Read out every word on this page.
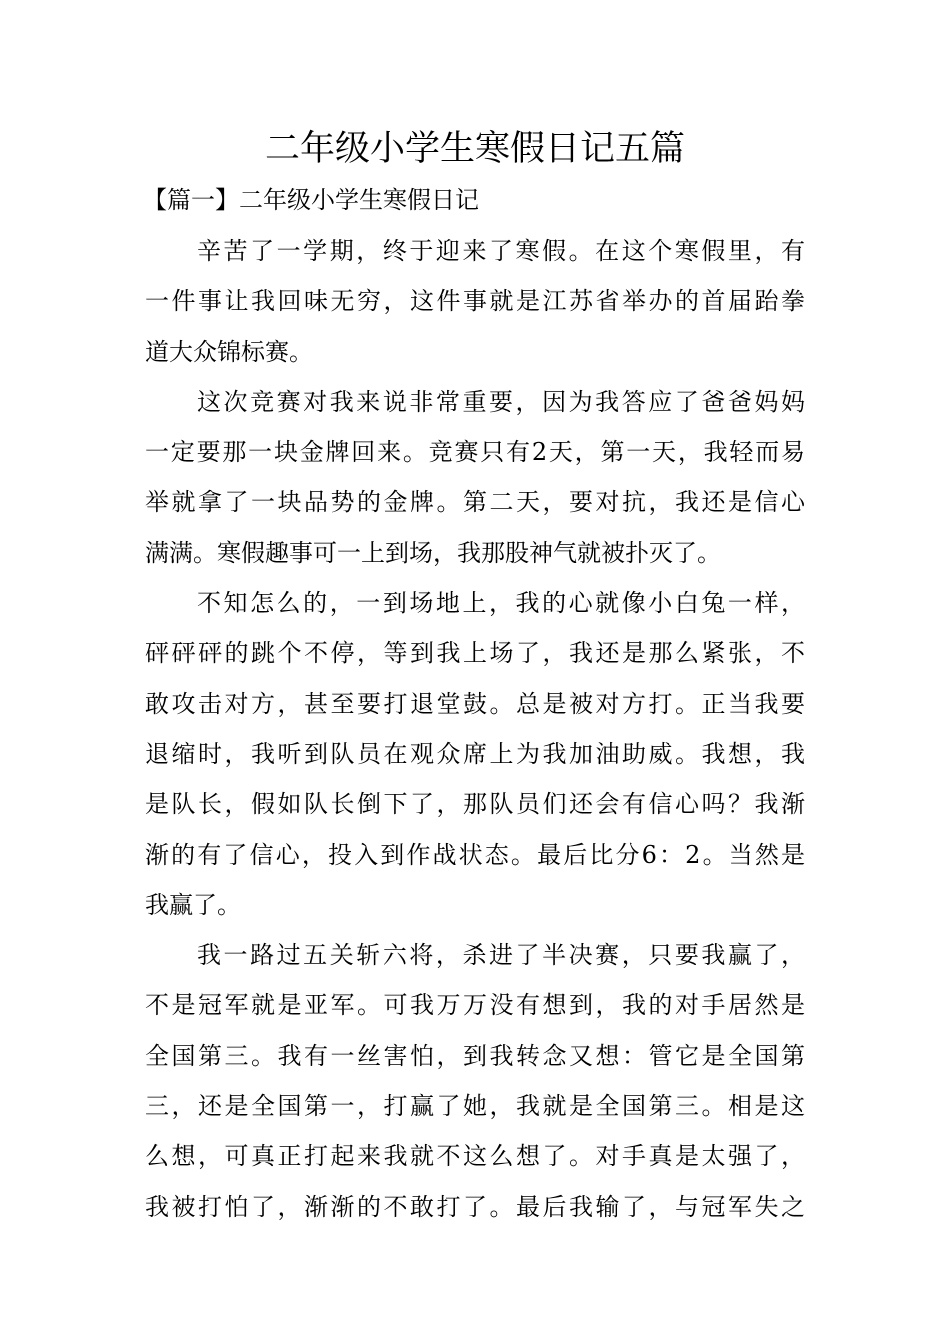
二年级小学生寒假日记五篇
【篇一】二年级小学生寒假日记
辛苦了一学期，终于迎来了寒假。在这个寒假里，有
一件事让我回味无穷，这件事就是江苏省举办的首届跆拳
道大众锦标赛。
这次竞赛对我来说非常重要，因为我答应了爸爸妈妈
一定要那一块金牌回来。竞赛只有2天，第一天，我轻而易
举就拿了一块品势的金牌。第二天，要对抗，我还是信心
满满。寒假趣事可一上到场，我那股神气就被扑灭了。
不知怎么的，一到场地上，我的心就像小白兔一样，
砰砰砰的跳个不停，等到我上场了，我还是那么紧张，不
敢攻击对方，甚至要打退堂鼓。总是被对方打。正当我要
退缩时，我听到队员在观众席上为我加油助威。我想，我
是队长，假如队长倒下了，那队员们还会有信心吗？我渐
渐的有了信心，投入到作战状态。最后比分6：2。当然是
我赢了。
我一路过五关斩六将，杀进了半决赛，只要我赢了，
不是冠军就是亚军。可我万万没有想到，我的对手居然是
全国第三。我有一丝害怕，到我转念又想：管它是全国第
三，还是全国第一，打赢了她，我就是全国第三。相是这
么想，可真正打起来我就不这么想了。对手真是太强了，
我被打怕了，渐渐的不敢打了。最后我输了，与冠军失之
